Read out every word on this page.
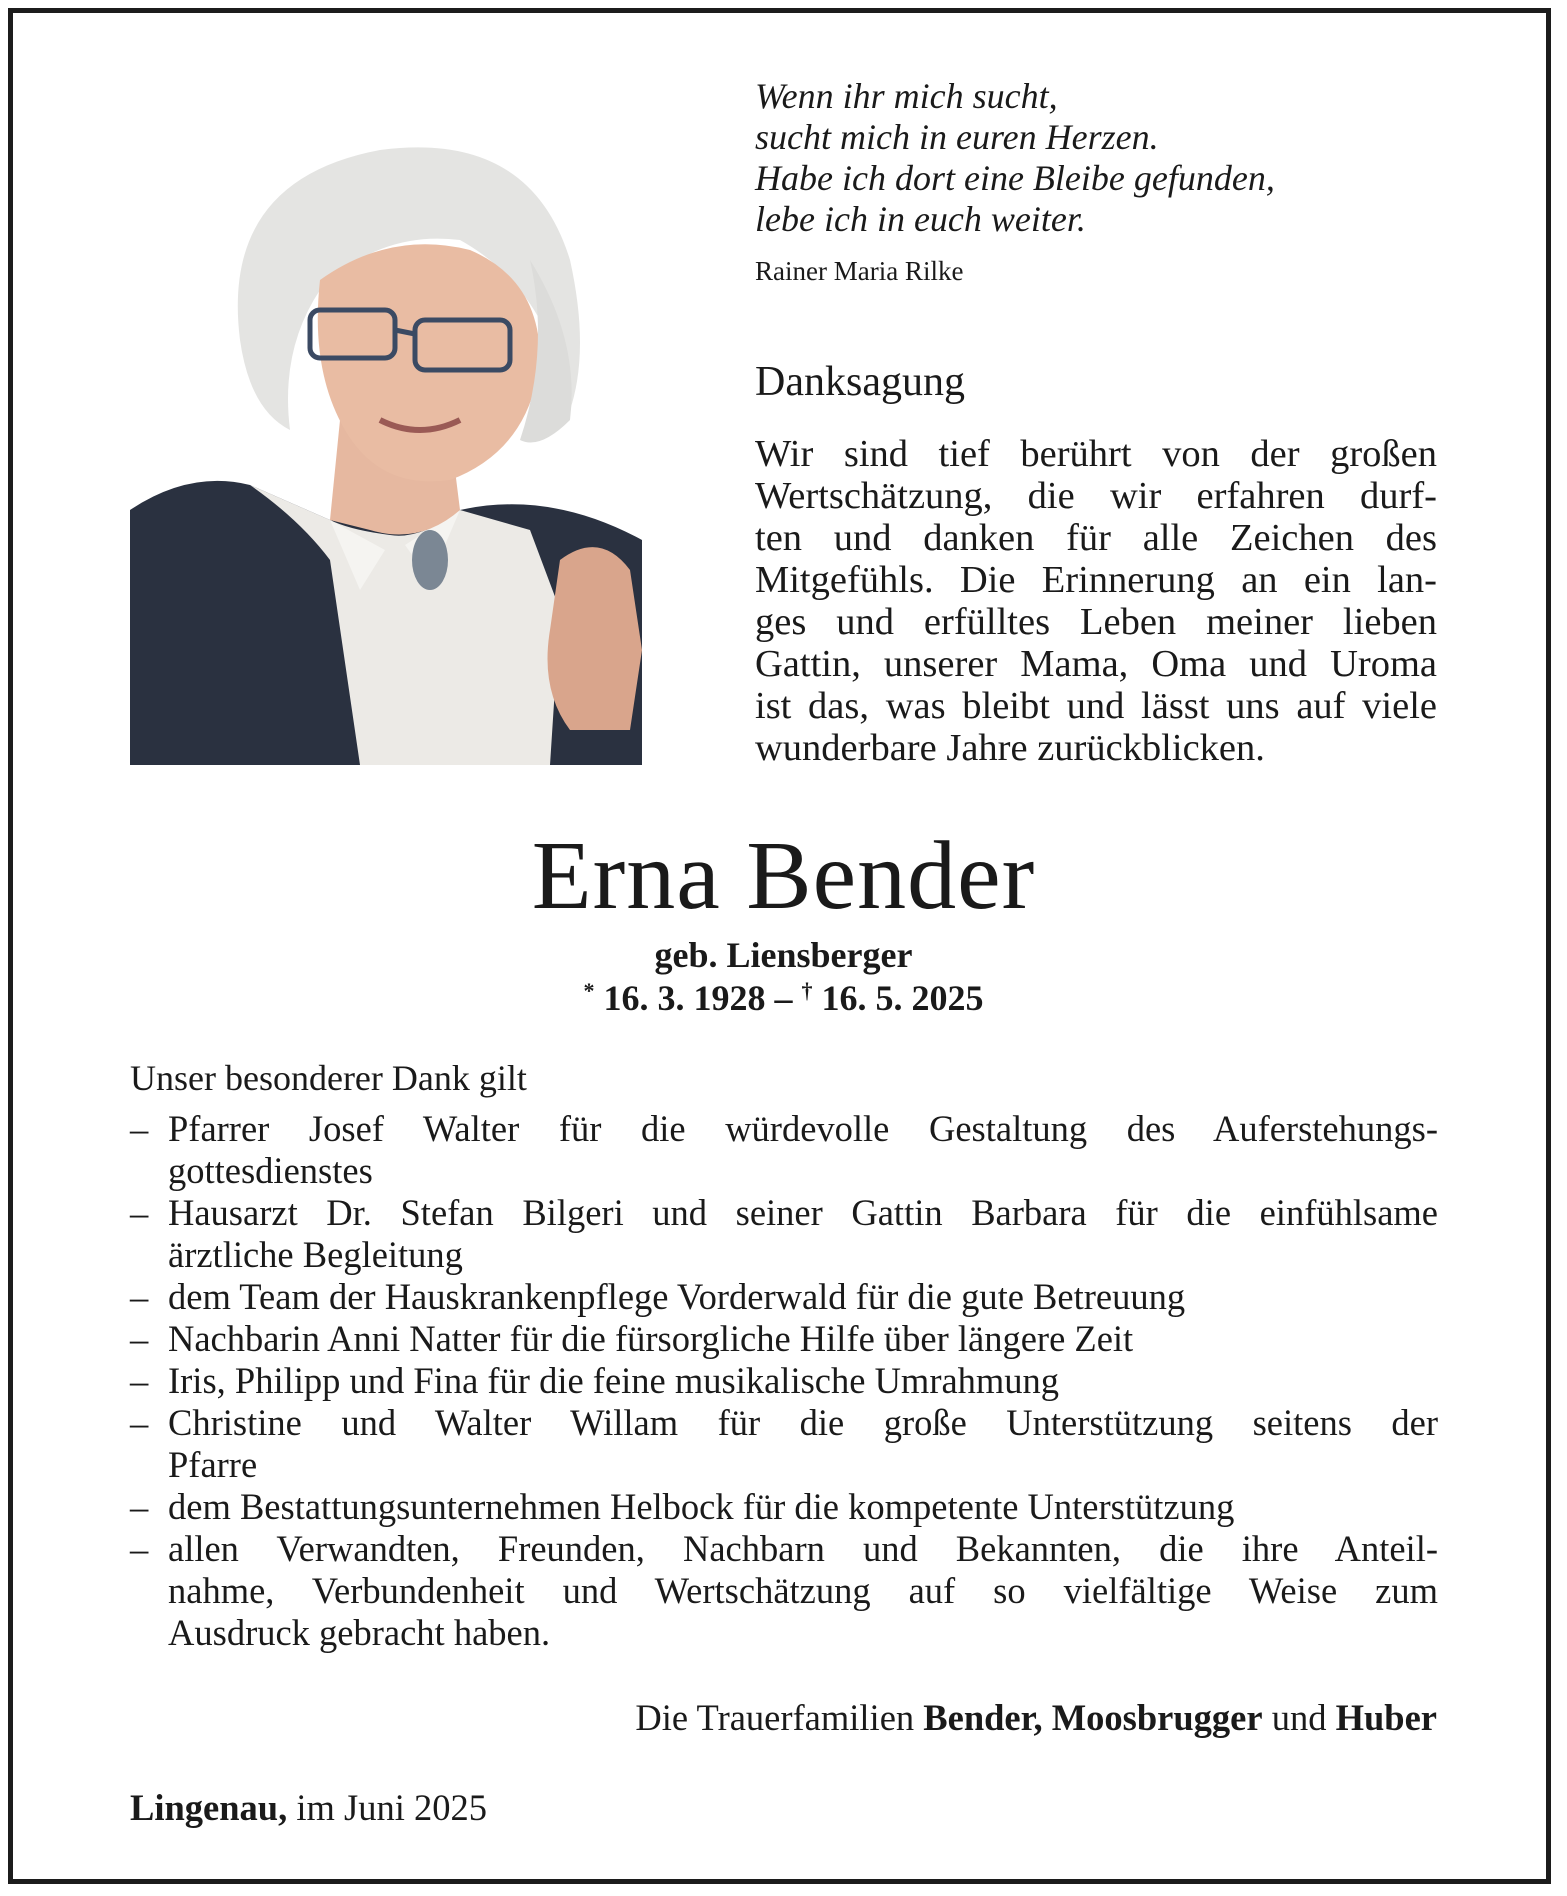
Wenn ihr mich sucht,
sucht mich in euren Herzen.
Habe ich dort eine Bleibe gefunden,
lebe ich in euch weiter.
Rainer Maria Rilke
Danksagung
Wir sind tief berührt von der großen
Wertschätzung, die wir erfahren durf-
ten und danken für alle Zeichen des
Mitgefühls. Die Erinnerung an ein lan-
ges und erfülltes Leben meiner lieben
Gattin, unserer Mama, Oma und Uroma
ist das, was bleibt und lässt uns auf viele
wunderbare Jahre zurückblicken.
Erna Bender
geb. Liensberger
* 16. 3. 1928 – † 16. 5. 2025
Unser besonderer Dank gilt
– Pfarrer Josef Walter für die würdevolle Gestaltung des Auferstehungs-
gottesdienstes
– Hausarzt Dr. Stefan Bilgeri und seiner Gattin Barbara für die einfühlsame
ärztliche Begleitung
– dem Team der Hauskrankenpflege Vorderwald für die gute Betreuung
– Nachbarin Anni Natter für die fürsorgliche Hilfe über längere Zeit
– Iris, Philipp und Fina für die feine musikalische Umrahmung
– Christine und Walter Willam für die große Unterstützung seitens der
Pfarre
– dem Bestattungsunternehmen Helbock für die kompetente Unterstützung
– allen Verwandten, Freunden, Nachbarn und Bekannten, die ihre Anteil-
nahme, Verbundenheit und Wertschätzung auf so vielfältige Weise zum
Ausdruck gebracht haben.
Die Trauerfamilien Bender, Moosbrugger und Huber
Lingenau, im Juni 2025
